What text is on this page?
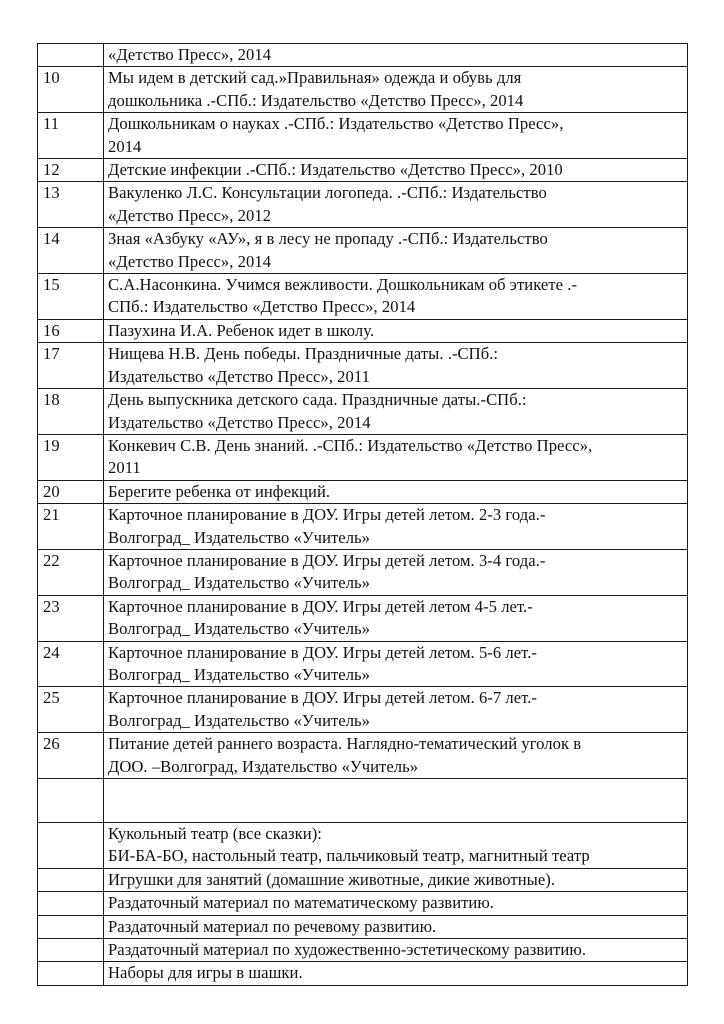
	«Детство Пресс», 2014

10	Мы идем в детский сад.»Правильная» одежда и обувь для
дошкольника .-СПб.: Издательство «Детство Пресс», 2014

11	Дошкольникам о науках .-СПб.: Издательство «Детство Пресс»,
2014

12	Детские инфекции .-СПб.: Издательство «Детство Пресс», 2010

13	Вакуленко Л.С. Консультации логопеда. .-СПб.: Издательство
«Детство Пресс», 2012

14	Зная «Азбуку «АУ», я в лесу не пропаду .-СПб.: Издательство
«Детство Пресс», 2014

15	С.А.Насонкина. Учимся вежливости. Дошкольникам об этикете .-
СПб.: Издательство «Детство Пресс», 2014

16	Пазухина И.А. Ребенок идет в школу.

17	Нищева Н.В. День победы. Праздничные даты. .-СПб.:
Издательство «Детство Пресс», 2011

18	День выпускника детского сада. Праздничные даты.-СПб.:
Издательство «Детство Пресс», 2014

19	Конкевич С.В. День знаний. .-СПб.: Издательство «Детство Пресс»,
2011

20	Берегите ребенка от инфекций.

21	Карточное планирование в ДОУ. Игры детей летом. 2-3 года.-
Волгоград_ Издательство «Учитель»

22	Карточное планирование в ДОУ. Игры детей летом. 3-4 года.-
Волгоград_ Издательство «Учитель»

23	Карточное планирование в ДОУ. Игры детей летом 4-5 лет.-
Волгоград_ Издательство «Учитель»

24	Карточное планирование в ДОУ. Игры детей летом. 5-6 лет.-
Волгоград_ Издательство «Учитель»

25	Карточное планирование в ДОУ. Игры детей летом. 6-7 лет.-
Волгоград_ Издательство «Учитель»

26	Питание детей раннего возраста. Наглядно-тематический уголок в
ДОО. –Волгоград, Издательство «Учитель»

	Кукольный театр (все сказки):
БИ-БА-БО, настольный театр, пальчиковый театр, магнитный театр

	Игрушки для занятий (домашние животные, дикие животные).

	Раздаточный материал по математическому развитию.

	Раздаточный материал по речевому развитию.

	Раздаточный материал по художественно-эстетическому развитию.

	Наборы для игры в шашки.
